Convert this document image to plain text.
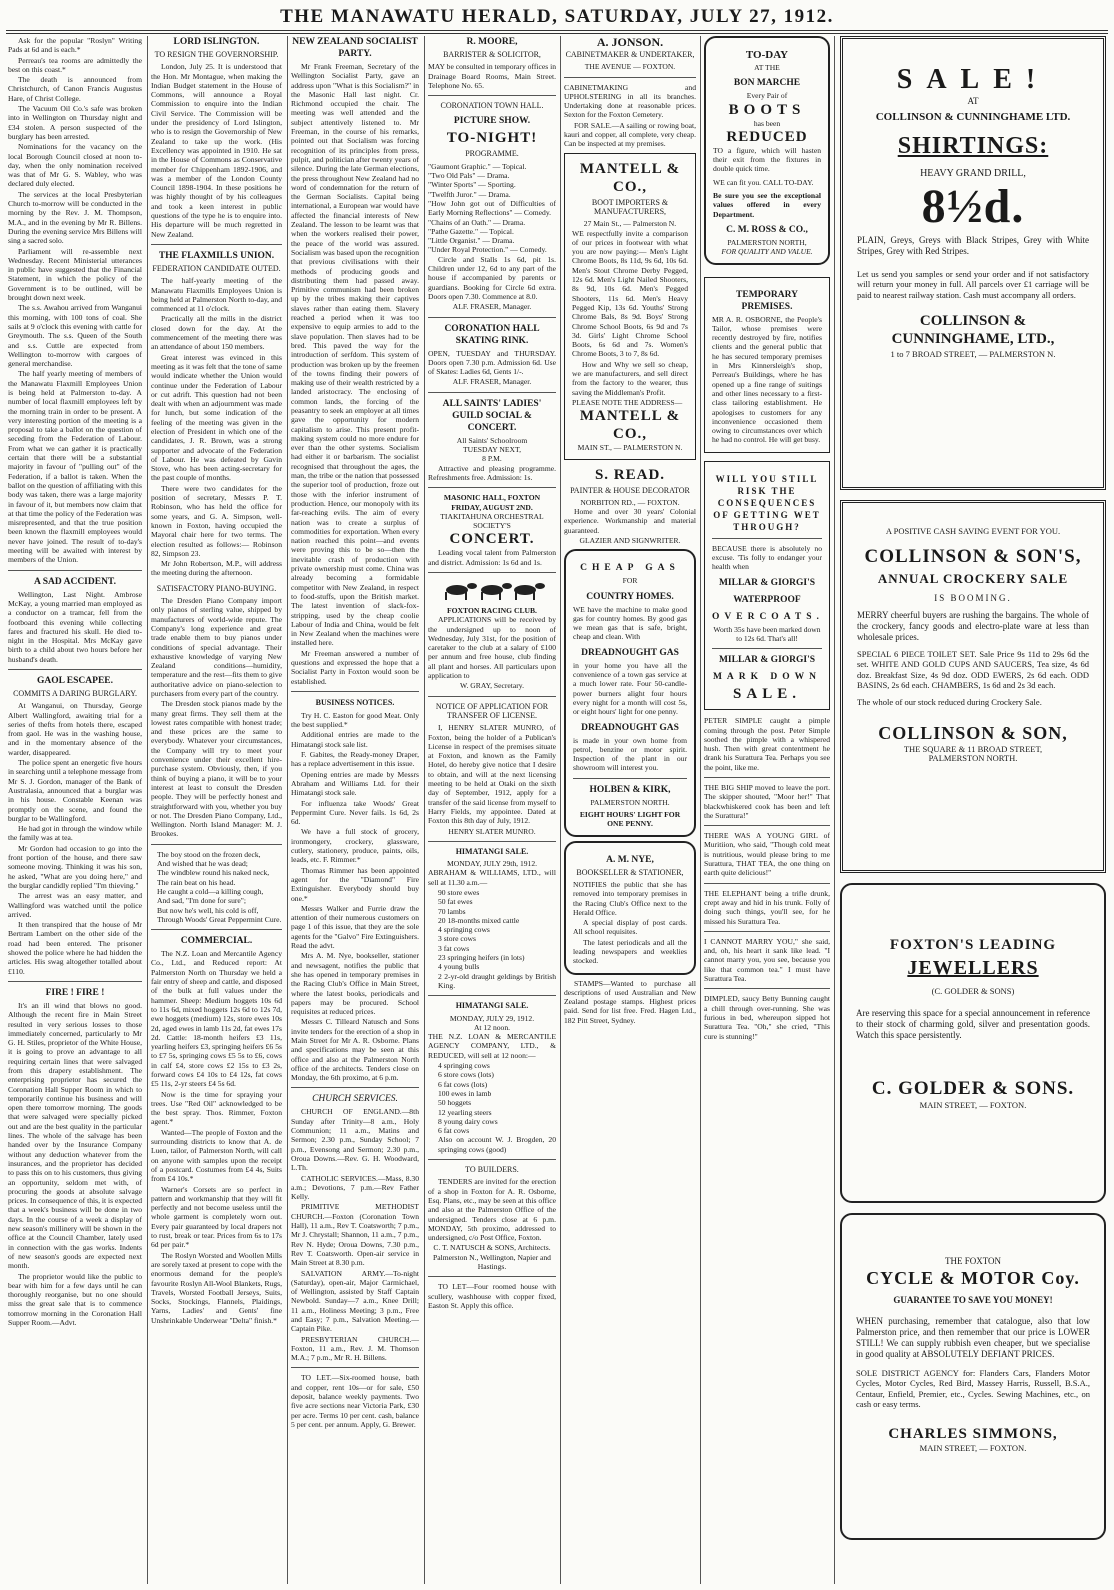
THE MANAWATU HERALD, SATURDAY, JULY 27, 1912.

Ask for the popular "Roslyn" Writing Pads at 6d and is each.*

Perreau's tea rooms are admittedly the best on this coast.*

The death is announced from Christchurch, of Canon Francis Augustus Hare, of Christ College.

The Vacuum Oil Co.'s safe was broken into in Wellington on Thursday night and £34 stolen. A person suspected of the burglary has been arrested.

Nominations for the vacancy on the local Borough Council closed at noon to-day, when the only nomination received was that of Mr G. S. Wabley, who was declared duly elected.

The services at the local Presbyterian Church to-morrow will be conducted in the morning by the Rev. J. M. Thompson, M.A., and in the evening by Mr R. Billens. During the evening service Mrs Billens will sing a sacred solo.

Parliament will re-assemble next Wednesday. Recent Ministerial utterances in public have suggested that the Financial Statement, in which the policy of the Government is to be outlined, will be brought down next week.

The s.s. Awahou arrived from Wanganui this morning, with 100 tons of coal. She sails at 9 o'clock this evening with cattle for Greymouth. The s.s. Queen of the South and s.s. Cuttle are expected from Wellington to-morrow with cargoes of general merchandise.

The half yearly meeting of members of the Manawatu Flaxmill Employees Union is being held at Palmerston to-day. A number of local flaxmill employees left by the morning train in order to be present. A very interesting portion of the meeting is a proposal to take a ballot on the question of seceding from the Federation of Labour. From what we can gather it is practically certain that there will be a substantial majority in favour of "pulling out" of the Federation, if a ballot is taken. When the ballot on the question of affiliating with this body was taken, there was a large majority in favour of it, but members now claim that at that time the policy of the Federation was misrepresented, and that the true position been known the flaxmill employees would never have joined. The result of to-day's meeting will be awaited with interest by members of the Union.

A SAD ACCIDENT.

Wellington, Last Night. Ambrose McKay, a young married man employed as a conductor on a tramcar, fell from the footboard this evening while collecting fares and fractured his skull. He died to-night in the Hospital. Mrs McKay gave birth to a child about two hours before her husband's death.

GAOL ESCAPEE.
COMMITS A DARING BURGLARY.

At Wanganui, on Thursday, George Albert Wallingford, awaiting trial for a series of thefts from hotels there, escaped from gaol. He was in the washing house, and in the momentary absence of the warder, disappeared.

The police spent an energetic five hours in searching until a telephone message from Mr S. J. Gordon, manager of the Bank of Australasia, announced that a burglar was in his house. Constable Keenan was promptly on the scene, and found the burglar to be Wallingford.

He had got in through the window while the family was at tea.

Mr Gordon had occasion to go into the front portion of the house, and there saw someone moving. Thinking it was his son, he asked, "What are you doing here," and the burglar candidly replied "I'm thieving."

The arrest was an easy matter, and Wallingford was watched until the police arrived.

It then transpired that the house of Mr Bertram Lambert on the other side of the road had been entered. The prisoner showed the police where he had hidden the articles. His swag altogether totalled about £110.

FIRE ! FIRE !

It's an ill wind that blows no good. Although the recent fire in Main Street resulted in very serious losses to those immediately concerned, particularly to Mr G. H. Stiles, proprietor of the White House, it is going to prove an advantage to all requiring certain lines that were salvaged from this drapery establishment. The enterprising proprietor has secured the Coronation Hall Supper Room in which to temporarily continue his business and will open there tomorrow morning. The goods that were salvaged were specially picked out and are the best quality in the particular lines. The whole of the salvage has been handed over by the Insurance Company without any deduction whatever from the insurances, and the proprietor has decided to pass this on to his customers, thus giving an opportunity, seldom met with, of procuring the goods at absolute salvage prices. In consequence of this, it is expected that a week's business will be done in two days. In the course of a week a display of new season's millinery will be shown in the office at the Council Chamber, lately used in connection with the gas works. Indents of new season's goods are expected next month.

The proprietor would like the public to bear with him for a few days until he can thoroughly reorganise, but no one should miss the great sale that is to commence tomorrow morning in the Coronation Hall Supper Room.—Advt.

LORD ISLINGTON.
TO RESIGN THE GOVERNORSHIP.

London, July 25. It is understood that the Hon. Mr Montague, when making the Indian Budget statement in the House of Commons, will announce a Royal Commission to enquire into the Indian Civil Service. The Commission will be under the presidency of Lord Islington, who is to resign the Governorship of New Zealand to take up the work. (His Excellency was appointed in 1910. He sat in the House of Commons as Conservative member for Chippenham 1892-1906, and was a member of the London County Council 1898-1904. In these positions he was highly thought of by his colleagues and took a keen interest in public questions of the type he is to enquire into. His departure will be much regretted in New Zealand.

THE FLAXMILLS UNION.
FEDERATION CANDIDATE OUTED.

The half-yearly meeting of the Manawatu Flaxmills Employees Union is being held at Palmerston North to-day, and commenced at 11 o'clock.

Practically all the mills in the district closed down for the day. At the commencement of the meeting there was an attendance of about 150 members.

Great interest was evinced in this meeting as it was felt that the tone of same would indicate whether the Union would continue under the Federation of Labour or cut adrift. This question had not been dealt with when an adjournment was made for lunch, but some indication of the feeling of the meeting was given in the election of President in which one of the candidates, J. R. Brown, was a strong supporter and advocate of the Federation of Labour. He was defeated by Gavin Stove, who has been acting-secretary for the past couple of months.

There were two candidates for the position of secretary, Messrs P. T. Robinson, who has held the office for some years, and G. A. Simpson, well-known in Foxton, having occupied the Mayoral chair here for two terms. The election resulted as follows:— Robinson 82, Simpson 23.

Mr John Robertson, M.P., will address the meeting during the afternoon.

SATISFACTORY PIANO-BUYING.

The Dresden Piano Company import only pianos of sterling value, shipped by manufacturers of world-wide repute. The Company's long experience and great trade enable them to buy pianos under conditions of special advantage. Their exhaustive knowledge of varying New Zealand conditions—humidity, temperature and the rest—fits them to give authoritative advice on piano-selection to purchasers from every part of the country.

The Dresden stock pianos made by the many great firms. They sell them at the lowest rates compatible with honest trade; and these prices are the same to everybody. Whatever your circumstances, the Company will try to meet your convenience under their excellent hire-purchase system. Obviously, then, if you think of buying a piano, it will be to your interest at least to consult the Dresden people. They will be perfectly honest and straightforward with you, whether you buy or not. The Dresden Piano Company, Ltd., Wellington. North Island Manager: M. J. Brookes.

The boy stood on the frozen deck,
And wished that he was dead;
The windblew round his naked neck,
The rain beat on his head.
He caught a cold—a killing cough,
And sad, "I'm done for sure";
But now he's well, his cold is off,
Through Woods' Great Peppermint Cure.
COMMERCIAL.

The N.Z. Loan and Mercantile Agency Co., Ltd., and Reduced report: At Palmerston North on Thursday we held a fair entry of sheep and cattle, and disposed of the bulk at full values under the hammer. Sheep: Medium hoggets 10s 6d to 11s 6d, mixed hoggets 12s 6d to 12s 7d, ewe hoggets (medium) 12s, store ewes 10s 2d, aged ewes in lamb 11s 2d, fat ewes 17s 2d. Cattle: 18-month heifers £3 11s, yearling heifers £3, springing heifers £6 5s to £7 5s, springing cows £5 5s to £6, cows in calf £4, store cows £2 15s to £3 2s, forward cows £4 10s to £4 12s, fat cows £5 11s, 2-yr steers £4 5s 6d.

Now is the time for spraying your trees. Use "Red Oil" acknowledged to be the best spray. Thos. Rimmer, Foxton agent.*

Wanted—The people of Foxton and the surrounding districts to know that A. de Luen, tailor, of Palmerston North, will call on anyone with samples upon the receipt of a postcard. Costumes from £4 4s, Suits from £4 10s.*

Warner's Corsets are so perfect in pattern and workmanship that they will fit perfectly and not become useless until the whole garment is completely worn out. Every pair guaranteed by local drapers not to rust, break or tear. Prices from 6s to 17s 6d per pair.*

The Roslyn Worsted and Woollen Mills are sorely taxed at present to cope with the enormous demand for the people's favourite Roslyn All-Wool Blankets, Rugs, Travels, Worsted Football Jerseys, Suits, Socks, Stockings, Flannels, Plaidings, Yarns, Ladies' and Gents' fine Unshrinkable Underwear "Delta" finish.*

NEW ZEALAND SOCIALIST PARTY.

Mr Frank Freeman, Secretary of the Wellington Socialist Party, gave an address upon "What is this Socialism?" in the Masonic Hall last night. Cr. Richmond occupied the chair. The meeting was well attended and the subject attentively listened to. Mr Freeman, in the course of his remarks, pointed out that Socialism was forcing recognition of its principles from press, pulpit, and politician after twenty years of silence. During the late German elections, the press throughout New Zealand had no word of condemnation for the return of the German Socialists. Capital being international, a European war would have affected the financial interests of New Zealand. The lesson to be learnt was that when the workers realised their power, the peace of the world was assured. Socialism was based upon the recognition that previous civilisations with their methods of producing goods and distributing them had passed away. Primitive communism had been broken up by the tribes making their captives slaves rather than eating them. Slavery reached a period when it was too expensive to equip armies to add to the slave population. Then slaves had to be bred. This paved the way for the introduction of serfdom. This system of production was broken up by the freemen of the towns finding their powers of making use of their wealth restricted by a landed aristocracy. The enclosing of common lands, the forcing of the peasantry to seek an employer at all times gave the opportunity for modern capitalism to arise. This present profit-making system could no more endure for ever than the other systems. Socialism had either it or barbarism. The socialist recognised that throughout the ages, the man, the tribe or the nation that possessed the superior tool of production, froze out those with the inferior instrument of production. Hence, our monopoly with its far-reaching evils. The aim of every nation was to create a surplus of commodities for exportation. When every nation reached this point—and events were proving this to be so—then the inevitable crash of production with private ownership must come. China was already becoming a formidable competitor with New Zealand, in respect to food-stuffs, upon the British market. The latest invention of slack-fox-stripping, used by the cheap coolie Labour of India and China, would be felt in New Zealand when the machines were installed here.

Mr Freeman answered a number of questions and expressed the hope that a Socialist Party in Foxton would soon be established.

BUSINESS NOTICES.

Try H. C. Easton for good Meat. Only the best supplied.*

Additional entries are made to the Himatangi stock sale list.

F. Gabites, the Ready-money Draper, has a replace advertisement in this issue.

Opening entries are made by Messrs Abraham and Williams Ltd. for their Himatangi stock sale.

For influenza take Woods' Great Peppermint Cure. Never fails. 1s 6d, 2s 6d.

We have a full stock of grocery, ironmongery, crockery, glassware, cutlery, stationery, produce, paints, oils, leads, etc. F. Rimmer.*

Thomas Rimmer has been appointed agent for the "Diamond" Fire Extinguisher. Everybody should buy one.*

Messrs Walker and Furrie draw the attention of their numerous customers on page 1 of this issue, that they are the sole agents for the "Galvo" Fire Extinguishers. Read the advt.

Mrs A. M. Nye, bookseller, stationer and newsagent, notifies the public that she has opened in temporary premises in the Racing Club's Office in Main Street, where the latest books, periodicals and papers may be procured. School requisites at reduced prices.

Messrs C. Tilleard Natusch and Sons invite tenders for the erection of a shop in Main Street for Mr A. R. Osborne. Plans and specifications may be seen at this office and also at the Palmerston North office of the architects. Tenders close on Monday, the 6th proximo, at 6 p.m.

CHURCH SERVICES.

CHURCH OF ENGLAND.—8th Sunday after Trinity—8 a.m., Holy Communion; 11 a.m., Matins and Sermon; 2.30 p.m., Sunday School; 7 p.m., Evensong and Sermon; 2.30 p.m., Oroua Downs.—Rev. G. H. Woodward, L.Th.

CATHOLIC SERVICES.—Mass, 8.30 a.m.; Devotions, 7 p.m.—Rev Father Kelly.

PRIMITIVE METHODIST CHURCH.—Foxton (Coronation Town Hall), 11 a.m., Rev T. Coatsworth; 7 p.m., Mr J. Chrystall; Shannon, 11 a.m., 7 p.m., Rev N. Hyde; Oroua Downs, 7.30 p.m., Rev T. Coatsworth. Open-air service in Main Street at 8.30 p.m.

SALVATION ARMY.—To-night (Saturday), open-air, Major Carmichael, of Wellington, assisted by Staff Captain Newbold. Sunday—7 a.m., Knee Drill; 11 a.m., Holiness Meeting; 3 p.m., Free and Easy; 7 p.m., Salvation Meeting.—Captain Pike.

PRESBYTERIAN CHURCH.—Foxton, 11 a.m., Rev. J. M. Thomson M.A.; 7 p.m., Mr R. H. Billens.

TO LET.—Six-roomed house, bath and copper, rent 10s—or for sale, £50 deposit, balance weekly payments. Two five acre sections near Victoria Park, £30 per acre. Terms 10 per cent. cash, balance 5 per cent. per annum. Apply, G. Brewer.

R. MOORE,
BARRISTER & SOLICITOR,

MAY be consulted in temporary offices in Drainage Board Rooms, Main Street. Telephone No. 65.

CORONATION TOWN HALL.
PICTURE SHOW.
TO-NIGHT!
PROGRAMME.
"Gaumont Graphic." — Topical.
"Two Old Pals" — Drama.
"Winter Sports" — Sporting.
"Twelfth Juror." — Drama.
"How John got out of Difficulties of Early Morning Reflections" — Comedy.
"Chains of an Oath." — Drama.
"Pathe Gazette." — Topical.
"Little Organist." — Drama.
"Under Royal Protection." — Comedy.

Circle and Stalls 1s 6d, pit 1s. Children under 12, 6d to any part of the house if accompanied by parents or guardians. Booking for Circle 6d extra. Doors open 7.30. Commence at 8.0.

ALF. FRASER, Manager.
CORONATION HALL SKATING RINK.

OPEN, TUESDAY and THURSDAY. Doors open 7.30 p.m. Admission 6d. Use of Skates: Ladies 6d, Gents 1/-.

ALF. FRASER, Manager.
ALL SAINTS' LADIES' GUILD SOCIAL & CONCERT.
All Saints' Schoolroom
TUESDAY NEXT,
8 P.M.

Attractive and pleasing programme. Refreshments free. Admission: 1s.

MASONIC HALL, FOXTON FRIDAY, AUGUST 2ND.
TIAKITAHUNA ORCHESTRAL SOCIETY'S
CONCERT.

Leading vocal talent from Palmerston and district. Admission: 1s 6d and 1s.

FOXTON RACING CLUB.

APPLICATIONS will be received by the undersigned up to noon of Wednesday, July 31st, for the position of caretaker to the club at a salary of £100 per annum and free house, club finding all plant and horses. All particulars upon application to

W. GRAY, Secretary.
NOTICE OF APPLICATION FOR TRANSFER OF LICENSE.

I, HENRY SLATER MUNRO, of Foxton, being the holder of a Publican's License in respect of the premises situate at Foxton, and known as the Family Hotel, do hereby give notice that I desire to obtain, and will at the next licensing meeting to be held at Otaki on the sixth day of September, 1912, apply for a transfer of the said license from myself to Harry Fields, my appointee. Dated at Foxton this 8th day of July, 1912.

HENRY SLATER MUNRO.
HIMATANGI SALE.
MONDAY, JULY 29th, 1912.

ABRAHAM & WILLIAMS, LTD., will sell at 11.30 a.m.—

90 store ewes
50 fat ewes
70 lambs
20 18-months mixed cattle
4 springing cows
3 store cows
3 fat cows
23 springing heifers (in lots)
4 young bulls
2 2-yr-old draught geldings by British King.
HIMATANGI SALE.
MONDAY, JULY 29, 1912.
At 12 noon.

THE N.Z. LOAN & MERCANTILE AGENCY COMPANY, LTD., & REDUCED, will sell at 12 noon:—

4 springing cows
6 store cows (lots)
6 fat cows (lots)
100 ewes in lamb
50 hoggets
12 yearling steers
8 young dairy cows
6 fat cows
Also on account W. J. Brogden, 20 springing cows (good)
TO BUILDERS.

TENDERS are invited for the erection of a shop in Foxton for A. R. Osborne, Esq. Plans, etc., may be seen at this office and also at the Palmerston Office of the undersigned. Tenders close at 6 p.m. MONDAY, 5th proximo, addressed to undersigned, c/o Post Office, Foxton.

C. T. NATUSCH & SONS, Architects.
Palmerston N., Wellington, Napier and Hastings.

TO LET—Four roomed house with scullery, washhouse with copper fixed, Easton St. Apply this office.

A. JONSON.
CABINETMAKER & UNDERTAKER,
THE AVENUE — FOXTON.

CABINETMAKING and UPHOLSTERING in all its branches. Undertaking done at reasonable prices. Sexton for the Foxton Cemetery.

FOR SALE.—A sailing or rowing boat, kauri and copper, all complete, very cheap. Can be inspected at my premises.

MANTELL & CO.,
BOOT IMPORTERS & MANUFACTURERS,
27 Main St., — Palmerston N.

WE respectfully invite a comparison of our prices in footwear with what you are now paying:— Men's Light Chrome Boots, 8s 11d, 9s 6d, 10s 6d. Men's Stout Chrome Derby Pegged, 12s 6d. Men's Light Nailed Shooters, 8s 9d, 10s 6d. Men's Pegged Shooters, 11s 6d. Men's Heavy Pegged Kip, 13s 6d. Youths' Strong Chrome Bals, 8s 9d. Boys' Strong Chrome School Boots, 6s 9d and 7s 3d. Girls' Light Chrome School Boots, 6s 6d and 7s. Women's Chrome Boots, 3 to 7, 8s 6d.

How and Why we sell so cheap, we are manufacturers, and sell direct from the factory to the wearer, thus saving the Middleman's Profit.

PLEASE NOTE THE ADDRESS—
MANTELL & CO.,
MAIN ST., — PALMERSTON N.
S. READ.
PAINTER & HOUSE DECORATOR
NORBITON RD., — FOXTON.

Home and over 30 years' Colonial experience. Workmanship and material guaranteed.

GLAZIER AND SIGNWRITER.
CHEAP GAS
FOR
COUNTRY HOMES.

WE have the machine to make good gas for country homes. By good gas we mean gas that is safe, bright, cheap and clean. With

DREADNOUGHT GAS

in your home you have all the convenience of a town gas service at a much lower rate. Four 50-candle-power burners alight four hours every night for a month will cost 5s, or eight hours' light for one penny.

DREADNOUGHT GAS

is made in your own home from petrol, benzine or motor spirit. Inspection of the plant in our showroom will interest you.

HOLBEN & KIRK,
PALMERSTON NORTH.
EIGHT HOURS' LIGHT FOR ONE PENNY.
A. M. NYE,
BOOKSELLER & STATIONER,

NOTIFIES the public that she has removed into temporary premises in the Racing Club's Office next to the Herald Office.

A special display of post cards. All school requisites.

The latest periodicals and all the leading newspapers and weeklies stocked.

STAMPS—Wanted to purchase all descriptions of used Australian and New Zealand postage stamps. Highest prices paid. Send for list free. Fred. Hagen Ltd., 182 Pitt Street, Sydney.

TO-DAY
AT THE
BON MARCHE
Every Pair of
BOOTS
has been
REDUCED

TO a figure, which will hasten their exit from the fixtures in double quick time.

WE can fit you. CALL TO-DAY.

Be sure you see the exceptional values offered in every Department.

C. M. ROSS & CO.,
PALMERSTON NORTH,
FOR QUALITY AND VALUE.
TEMPORARY PREMISES.

MR A. R. OSBORNE, the People's Tailor, whose premises were recently destroyed by fire, notifies clients and the general public that he has secured temporary premises in Mrs Kinnersleigh's shop, Perreau's Buildings, where he has opened up a fine range of suitings and other lines necessary to a first-class tailoring establishment. He apologises to customers for any inconvenience occasioned them owing to circumstances over which he had no control. He will get busy.

WILL YOU STILL RISK THE CONSEQUENCES OF GETTING WET THROUGH?

BECAUSE there is absolutely no excuse. 'Tis folly to endanger your health when

MILLAR & GIORGI'S
WATERPROOF
OVERCOATS.

Worth 35s have been marked down to 12s 6d. That's all!

MILLAR & GIORGI'S
MARK DOWN
SALE.

PETER SIMPLE caught a pimple coming through the post. Peter Simple soothed the pimple with a whispered hush. Then with great contentment he drank his Surattura Tea. Perhaps you see the point, like me.

THE BIG SHIP moved to leave the port. The skipper shouted, "Moor her!" That blackwhiskered cook has been and left the Surattura!"

THERE WAS A YOUNG GIRL of Muritiion, who said, "Though cold meat is nutritious, would please bring to me Surattura, THAT TEA, the one thing on earth quite delicious!"

THE ELEPHANT being a trifle drunk, crept away and hid in his trunk. Folly of doing such things, you'll see, for he missed his Surattura Tea.

I CANNOT MARRY YOU," she said, and, oh, his heart it sank like lead. "I cannot marry you, you see, because you like that common tea." I must have Surattura Tea.

DIMPLED, saucy Betty Bunning caught a chill through over-running. She was furious in bed, whereupon sipped hot Surattura Tea. "Oh," she cried, "This cure is stunning!"

SALE!
AT
COLLINSON & CUNNINGHAME LTD.
SHIRTINGS:
HEAVY GRAND DRILL,
8½d.

PLAIN, Greys, Greys with Black Stripes, Grey with White Stripes, Grey with Red Stripes.

Let us send you samples or send your order and if not satisfactory will return your money in full. All parcels over £1 carriage will be paid to nearest railway station. Cash must accompany all orders.

COLLINSON & CUNNINGHAME, LTD.,
1 to 7 BROAD STREET, — PALMERSTON N.
A POSITIVE CASH SAVING EVENT FOR YOU.
COLLINSON & SON'S,
ANNUAL CROCKERY SALE
IS BOOMING.

MERRY cheerful buyers are rushing the bargains. The whole of the crockery, fancy goods and electro-plate ware at less than wholesale prices.

SPECIAL 6 PIECE TOILET SET. Sale Price 9s 11d to 29s 6d the set. WHITE AND GOLD CUPS AND SAUCERS, Tea size, 4s 6d doz. Breakfast Size, 4s 9d doz. ODD EWERS, 2s 6d each. ODD BASINS, 2s 6d each. CHAMBERS, 1s 6d and 2s 3d each.

The whole of our stock reduced during Crockery Sale.

COLLINSON & SON,
THE SQUARE & 11 BROAD STREET,
PALMERSTON NORTH.
FOXTON'S LEADING
JEWELLERS
(C. GOLDER & SONS)

Are reserving this space for a special announcement in reference to their stock of charming gold, silver and presentation goods. Watch this space persistently.

C. GOLDER & SONS.
MAIN STREET, — FOXTON.
THE FOXTON
CYCLE & MOTOR Coy.
GUARANTEE TO SAVE YOU MONEY!

WHEN purchasing, remember that catalogue, also that low Palmerston price, and then remember that our price is LOWER STILL! We can supply rubbish even cheaper, but we specialise in good quality at ABSOLUTELY DEFIANT PRICES.

SOLE DISTRICT AGENCY for: Flanders Cars, Flanders Motor Cycles, Motor Cycles, Red Bird, Massey Harris, Russell, B.S.A., Centaur, Enfield, Premier, etc., Cycles. Sewing Machines, etc., on cash or easy terms.

CHARLES SIMMONS,
MAIN STREET, — FOXTON.
